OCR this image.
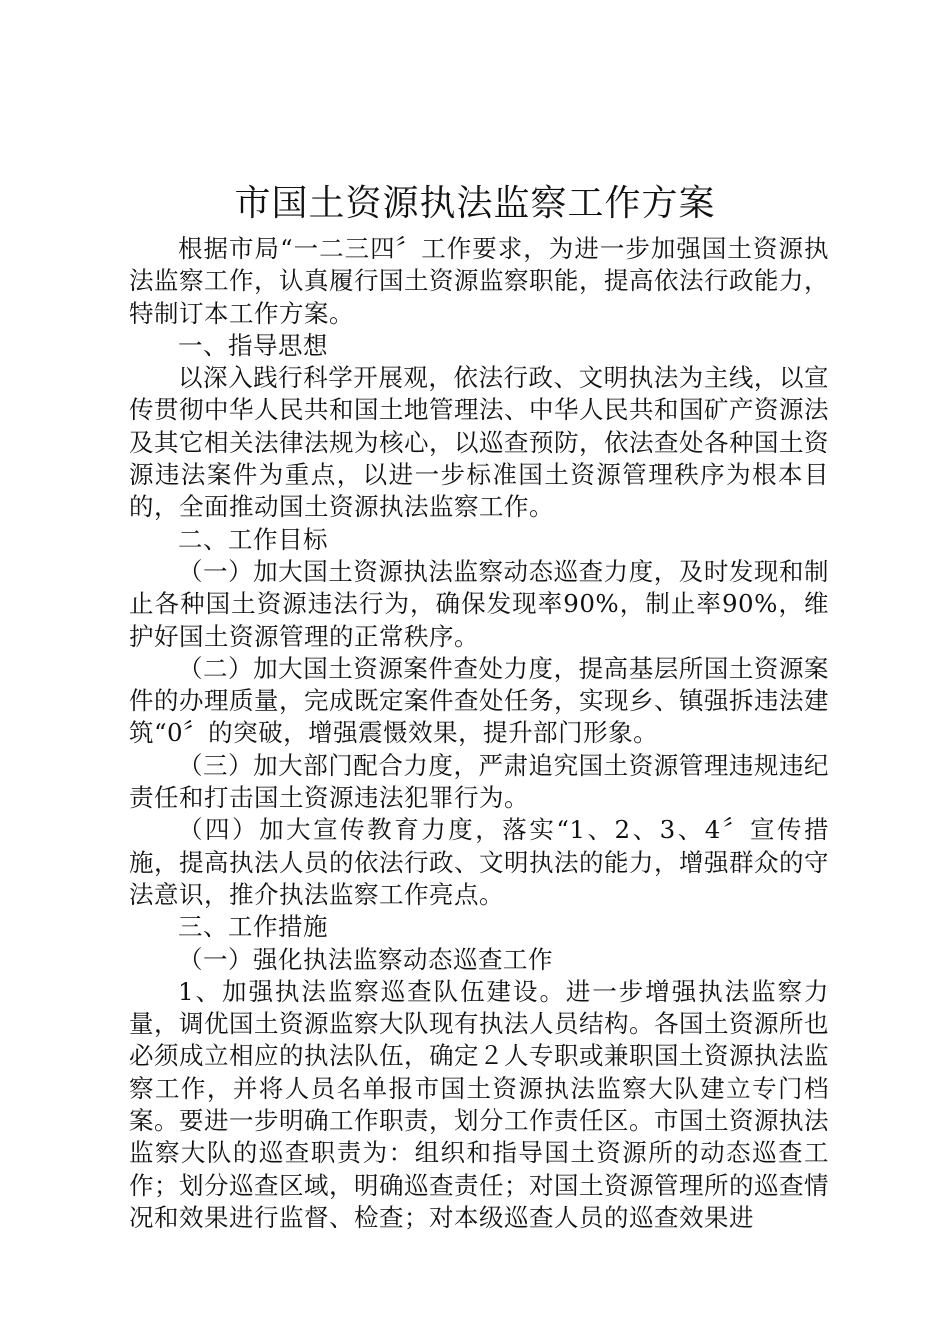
市国土资源执法监察工作方案

根据市局“一二三四〞工作要求，为进一步加强国土资源执法监察工作，认真履行国土资源监察职能，提高依法行政能力，特制订本工作方案。

一、指导思想

以深入践行科学开展观，依法行政、文明执法为主线，以宣传贯彻中华人民共和国土地管理法、中华人民共和国矿产资源法及其它相关法律法规为核心，以巡查预防，依法查处各种国土资源违法案件为重点，以进一步标准国土资源管理秩序为根本目的，全面推动国土资源执法监察工作。

二、工作目标

（一）加大国土资源执法监察动态巡查力度，及时发现和制止各种国土资源违法行为，确保发现率90%，制止率90%，维护好国土资源管理的正常秩序。

（二）加大国土资源案件查处力度，提高基层所国土资源案件的办理质量，完成既定案件查处任务，实现乡、镇强拆违法建筑“0〞的突破，增强震慑效果，提升部门形象。

（三）加大部门配合力度，严肃追究国土资源管理违规违纪责任和打击国土资源违法犯罪行为。

（四）加大宣传教育力度，落实“1、2、3、4〞宣传措施，提高执法人员的依法行政、文明执法的能力，增强群众的守法意识，推介执法监察工作亮点。

三、工作措施

（一）强化执法监察动态巡查工作

1、加强执法监察巡查队伍建设。进一步增强执法监察力量，调优国土资源监察大队现有执法人员结构。各国土资源所也必须成立相应的执法队伍，确定２人专职或兼职国土资源执法监察工作，并将人员名单报市国土资源执法监察大队建立专门档案。要进一步明确工作职责，划分工作责任区。市国土资源执法监察大队的巡查职责为：组织和指导国土资源所的动态巡查工作；划分巡查区域，明确巡查责任；对国土资源管理所的巡查情况和效果进行监督、检查；对本级巡查人员的巡查效果进
